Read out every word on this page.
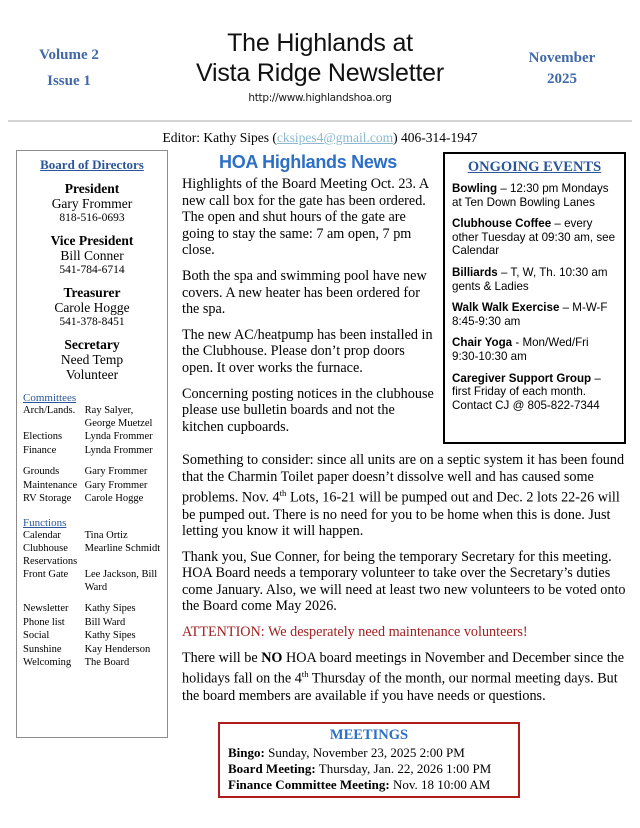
Volume 2
Issue 1
The Highlands at
Vista Ridge Newsletter
http://www.highlandshoa.org
November
2025
Editor: Kathy Sipes (cksipes4@gmail.com) 406-314-1947
Board of Directors
President
Gary Frommer
818-516-0693
Vice President
Bill Conner
541-784-6714
Treasurer
Carole Hogge
541-378-8451
Secretary
Need Temp
Volunteer
Committees
Arch/Lands.	Ray Salyer, George Muetzel
Elections	Lynda Frommer
Finance	Lynda Frommer

Grounds	Gary Frommer
Maintenance	Gary Frommer
RV Storage	Carole Hogge
Functions
Calendar	Tina Ortiz
Clubhouse Reservations	Mearline Schmidt
Front Gate	Lee Jackson, Bill Ward

Newsletter	Kathy Sipes
Phone list	Bill Ward
Social	Kathy Sipes
Sunshine	Kay Henderson
Welcoming	The Board
HOA Highlands News

Highlights of the Board Meeting Oct. 23. A new call box for the gate has been ordered. The open and shut hours of the gate are going to stay the same: 7 am open, 7 pm close.

Both the spa and swimming pool have new covers. A new heater has been ordered for the spa.

The new AC/heatpump has been installed in the Clubhouse. Please don’t prop doors open. It over works the furnace.

Concerning posting notices in the clubhouse please use bulletin boards and not the kitchen cupboards.

ONGOING EVENTS
Bowling – 12:30 pm Mondays at Ten Down Bowling Lanes
Clubhouse Coffee – every other Tuesday at 09:30 am, see Calendar
Billiards – T, W, Th. 10:30 am gents & Ladies
Walk Walk Exercise – M-W-F 8:45-9:30 am
Chair Yoga - Mon/Wed/Fri 9:30-10:30 am
Caregiver Support Group – first Friday of each month. Contact CJ @ 805-822-7344

Something to consider: since all units are on a septic system it has been found that the Charmin Toilet paper doesn’t dissolve well and has caused some problems. Nov. 4th Lots, 16-21 will be pumped out and Dec. 2 lots 22-26 will be pumped out. There is no need for you to be home when this is done. Just letting you know it will happen.

Thank you, Sue Conner, for being the temporary Secretary for this meeting. HOA Board needs a temporary volunteer to take over the Secretary’s duties come January. Also, we will need at least two new volunteers to be voted onto the Board come May 2026.

ATTENTION: We desperately need maintenance volunteers!

There will be NO HOA board meetings in November and December since the holidays fall on the 4th Thursday of the month, our normal meeting days. But the board members are available if you have needs or questions.

MEETINGS
Bingo: Sunday, November 23, 2025 2:00 PM
Board Meeting: Thursday, Jan. 22, 2026 1:00 PM
Finance Committee Meeting: Nov. 18 10:00 AM
